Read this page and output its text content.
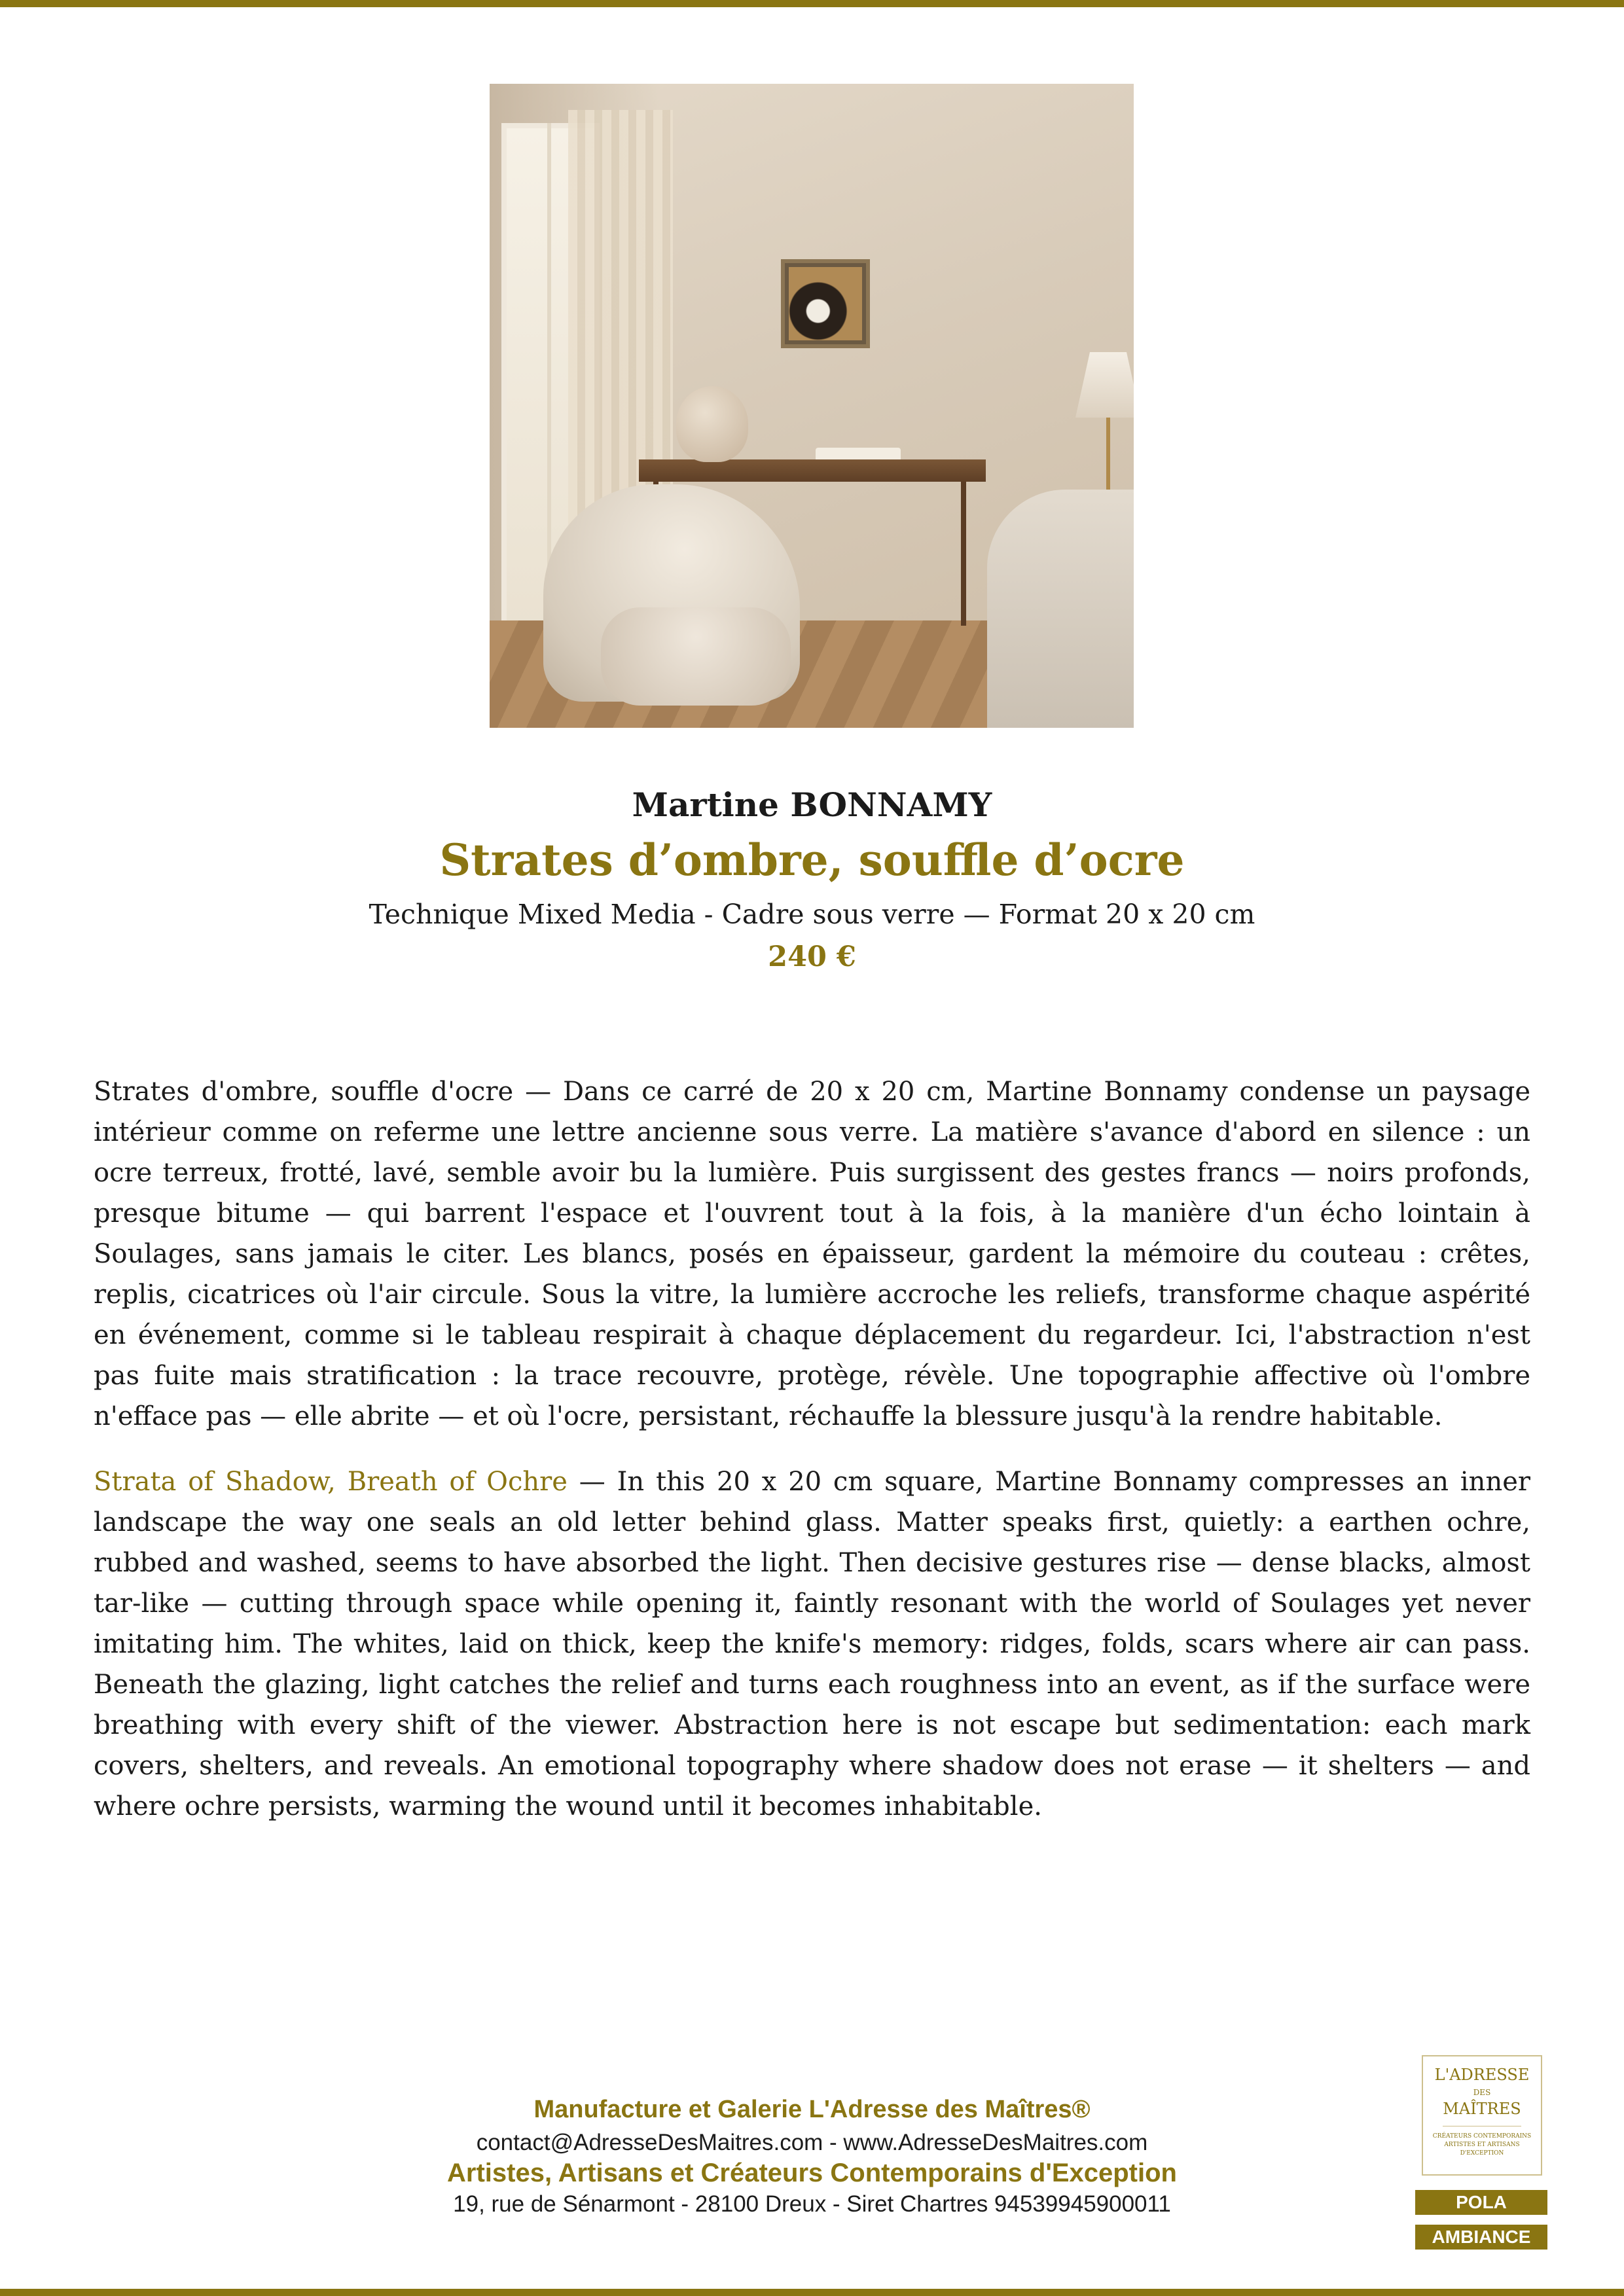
Martine BONNAMY
Strates d’ombre, souffle d’ocre
Technique Mixed Media - Cadre sous verre — Format 20 x 20 cm
240 €

Strates d'ombre, souffle d'ocre — Dans ce carré de 20 x 20 cm, Martine Bonnamy condense un paysage intérieur comme on referme une lettre ancienne sous verre. La matière s'avance d'abord en silence : un ocre terreux, frotté, lavé, semble avoir bu la lumière. Puis surgissent des gestes francs — noirs profonds, presque bitume — qui barrent l'espace et l'ouvrent tout à la fois, à la manière d'un écho lointain à Soulages, sans jamais le citer. Les blancs, posés en épaisseur, gardent la mémoire du couteau : crêtes, replis, cicatrices où l'air circule. Sous la vitre, la lumière accroche les reliefs, transforme chaque aspérité en événement, comme si le tableau respirait à chaque déplacement du regardeur. Ici, l'abstraction n'est pas fuite mais stratification : la trace recouvre, protège, révèle. Une topographie affective où l'ombre n'efface pas — elle abrite — et où l'ocre, persistant, réchauffe la blessure jusqu'à la rendre habitable.

Strata of Shadow, Breath of Ochre — In this 20 x 20 cm square, Martine Bonnamy compresses an inner landscape the way one seals an old letter behind glass. Matter speaks first, quietly: a earthen ochre, rubbed and washed, seems to have absorbed the light. Then decisive gestures rise — dense blacks, almost tar-like — cutting through space while opening it, faintly resonant with the world of Soulages yet never imitating him. The whites, laid on thick, keep the knife's memory: ridges, folds, scars where air can pass. Beneath the glazing, light catches the relief and turns each roughness into an event, as if the surface were breathing with every shift of the viewer. Abstraction here is not escape but sedimentation: each mark covers, shelters, and reveals. An emotional topography where shadow does not erase — it shelters — and where ochre persists, warming the wound until it becomes inhabitable.

Manufacture et Galerie L'Adresse des Maîtres®
contact@AdresseDesMaitres.com - www.AdresseDesMaitres.com
Artistes, Artisans et Créateurs Contemporains d'Exception
19, rue de Sénarmont - 28100 Dreux - Siret Chartres 94539945900011
L'ADRESSE
DES
MAÎTRES
CRÉATEURS CONTEMPORAINS ARTISTES ET ARTISANS D'EXCEPTION
POLA
AMBIANCE
